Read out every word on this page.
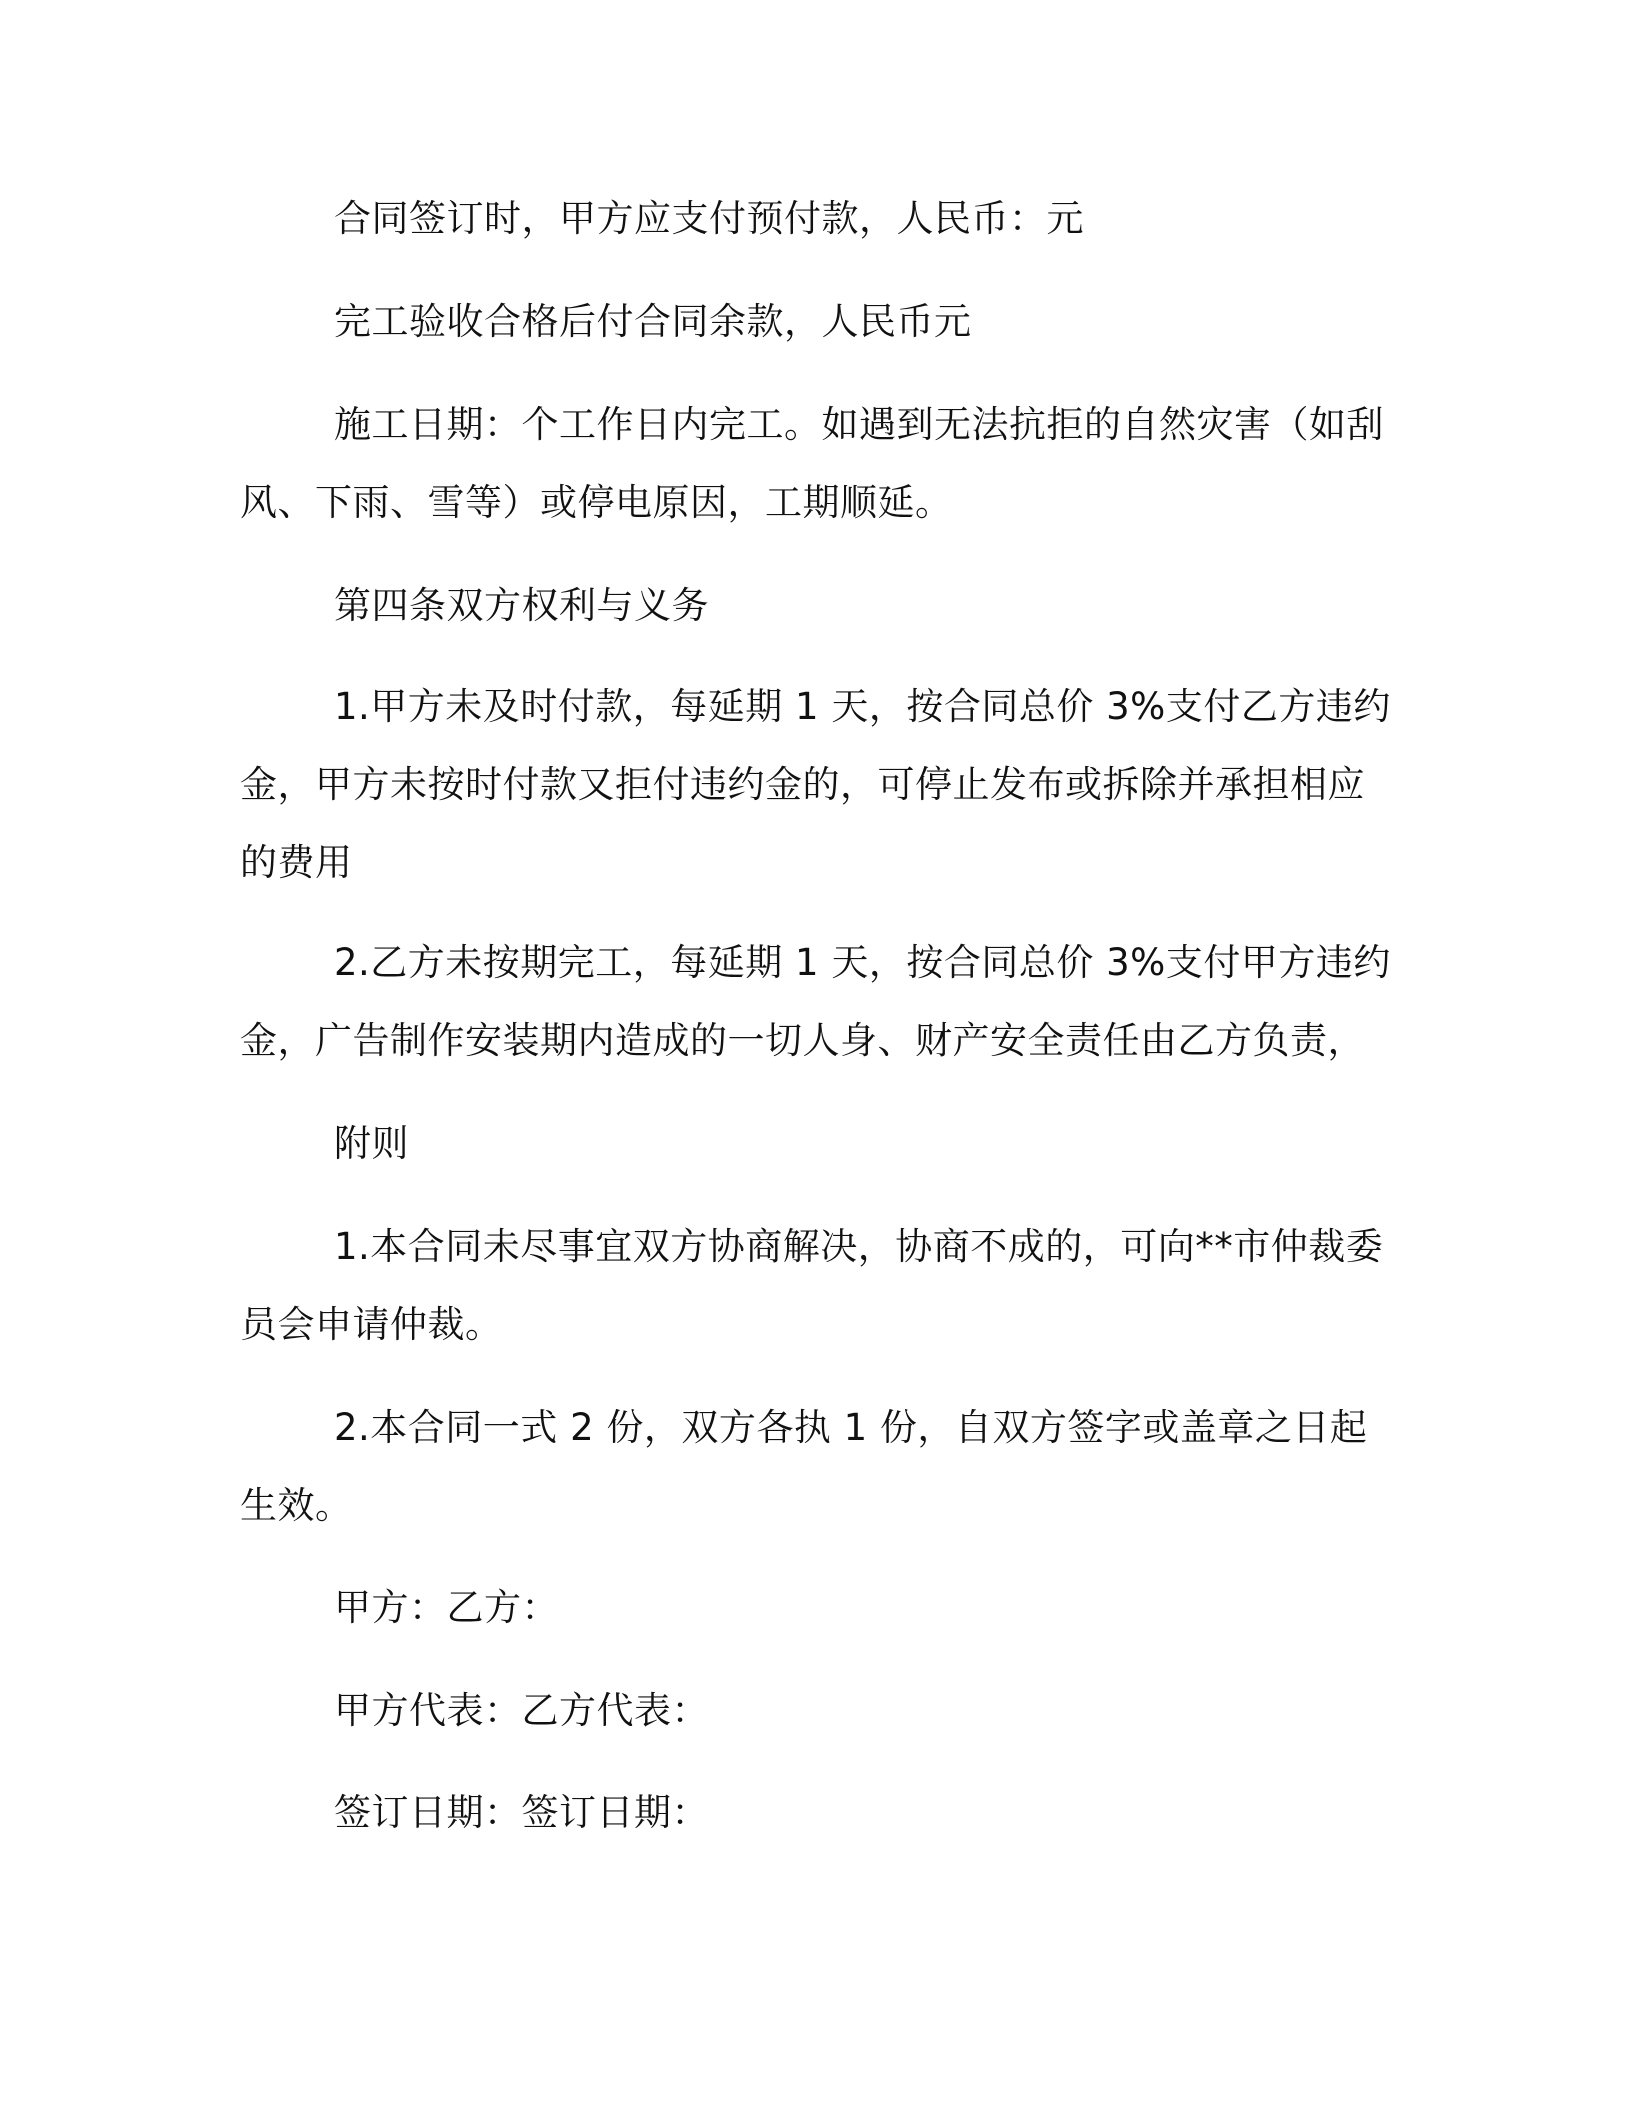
合同签订时，甲方应支付预付款，人民币：元

完工验收合格后付合同余款，人民币元

施工日期：个工作日内完工。如遇到无法抗拒的自然灾害（如刮风、下雨、雪等）或停电原因，工期顺延。

第四条双方权利与义务

1.甲方未及时付款，每延期 1 天，按合同总价 3%支付乙方违约金，甲方未按时付款又拒付违约金的，可停止发布或拆除并承担相应的费用

2.乙方未按期完工，每延期 1 天，按合同总价 3%支付甲方违约金，广告制作安装期内造成的一切人身、财产安全责任由乙方负责，

附则

1.本合同未尽事宜双方协商解决，协商不成的，可向**市仲裁委员会申请仲裁。

2.本合同一式 2 份，双方各执 1 份，自双方签字或盖章之日起生效。

甲方：乙方：

甲方代表：乙方代表：

签订日期：签订日期：
